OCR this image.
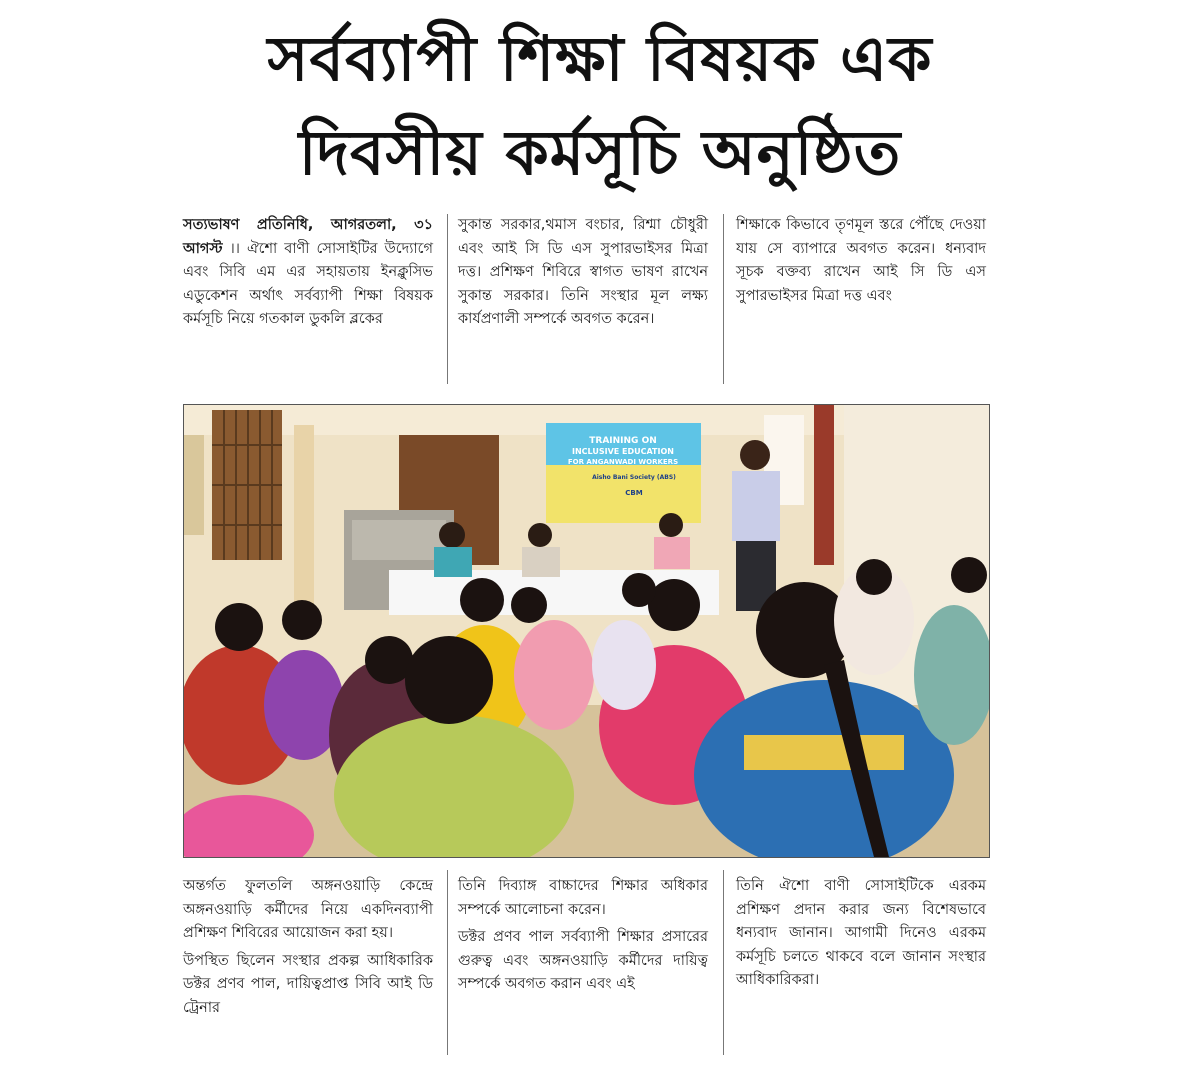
সর্বব্যাপী শিক্ষা বিষয়ক এক
দিবসীয় কর্মসূচি অনুষ্ঠিত

সত্যভাষণ প্রতিনিধি, আগরতলা, ৩১ আগস্ট ।। ঐশো বাণী সোসাইটির উদ্যোগে এবং সিবি এম এর সহায়তায় ইনক্লুসিভ এডুকেশন অর্থাৎ সর্বব্যাপী শিক্ষা বিষয়ক কর্মসূচি নিয়ে গতকাল ডুকলি ব্লকের

সুকান্ত সরকার,থমাস বংচার, রিশ্মা চৌধুরী এবং আই সি ডি এস সুপারভাইসর মিত্রা দত্ত। প্রশিক্ষণ শিবিরে স্বাগত ভাষণ রাখেন সুকান্ত সরকার। তিনি সংস্থার মূল লক্ষ্য কার্যপ্রণালী সম্পর্কে অবগত করেন।

শিক্ষাকে কিভাবে তৃণমূল স্তরে পৌঁছে দেওয়া যায় সে ব্যাপারে অবগত করেন। ধন্যবাদ সূচক বক্তব্য রাখেন আই সি ডি এস সুপারভাইসর মিত্রা দত্ত এবং

TRAINING ON
INCLUSIVE EDUCATION
FOR ANGANWADI WORKERS
Aisho Bani Society (ABS)
CBM

অন্তর্গত ফুলতলি অঙ্গনওয়াড়ি কেন্দ্রে অঙ্গনওয়াড়ি কর্মীদের নিয়ে একদিনব্যাপী প্রশিক্ষণ শিবিরের আয়োজন করা হয়।

উপস্থিত ছিলেন সংস্থার প্রকল্প আধিকারিক ডক্টর প্রণব পাল, দায়িত্বপ্রাপ্ত সিবি আই ডি ট্রেনার

তিনি দিব্যাঙ্গ বাচ্চাদের শিক্ষার অধিকার সম্পর্কে আলোচনা করেন।

ডক্টর প্রণব পাল সর্বব্যাপী শিক্ষার প্রসারের গুরুত্ব এবং অঙ্গনওয়াড়ি কর্মীদের দায়িত্ব সম্পর্কে অবগত করান এবং এই

তিনি ঐশো বাণী সোসাইটিকে এরকম প্রশিক্ষণ প্রদান করার জন্য বিশেষভাবে ধন্যবাদ জানান। আগামী দিনেও এরকম কর্মসূচি চলতে থাকবে বলে জানান সংস্থার আধিকারিকরা।
